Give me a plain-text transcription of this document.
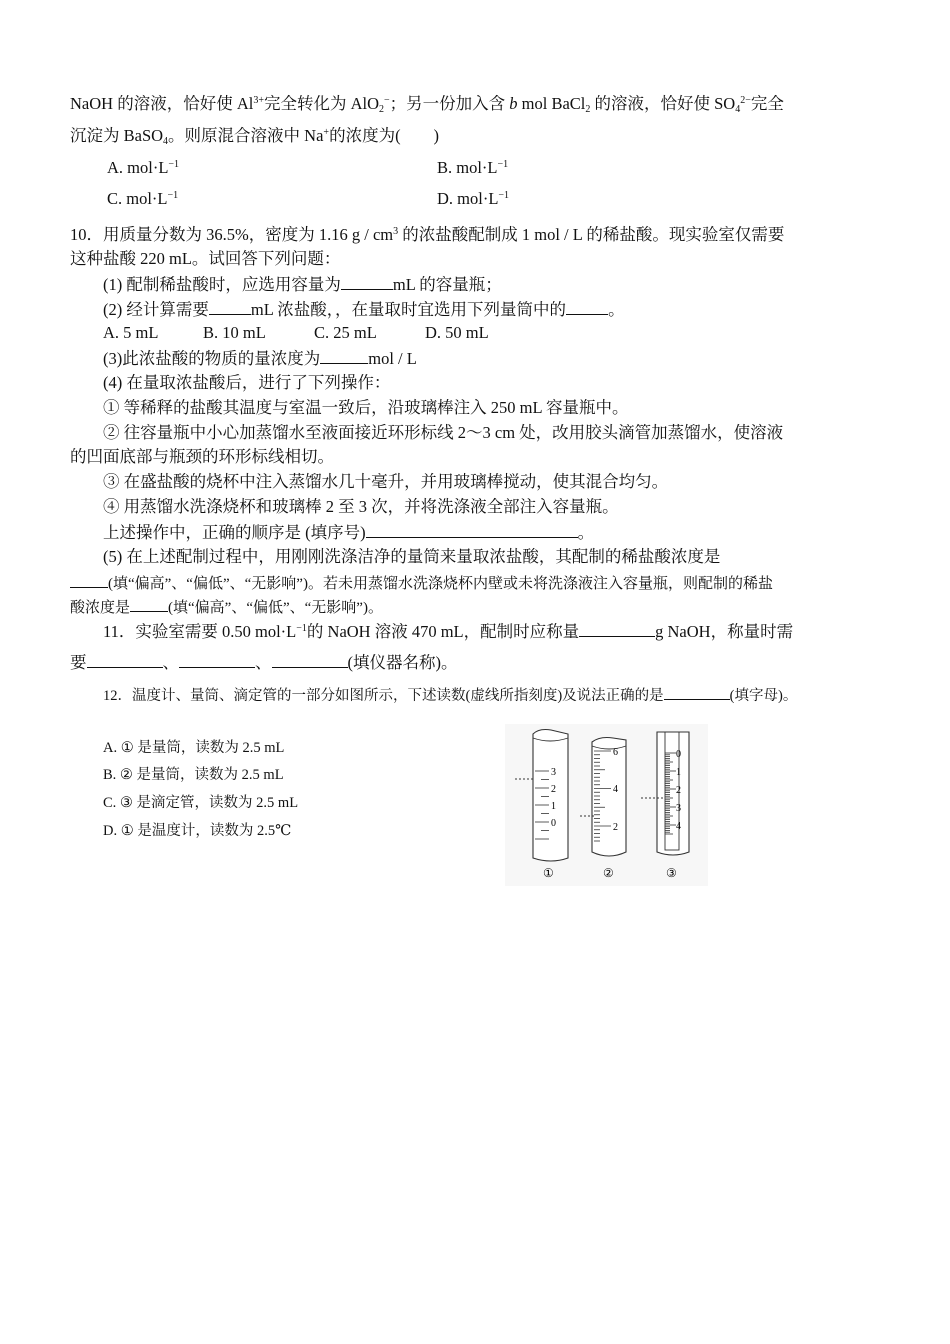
NaOH 的溶液，恰好使 $Al^{3+}$完全转化为 AlO$_2$−；另一份加入含 b mol BaCl$_2$ 的溶液，恰好使 $SO_4^{2-}$完全
沉淀为 BaSO$_4$。则原混合溶液中 Na+的浓度为(　　)
A. $mol\cdot L^{-1}$	B. $mol\cdot L^{-1}$
C. $mol\cdot L^{-1}$	D. $mol\cdot L^{-1}$
10．用质量分数为 36.5%，密度为 1.16 g / $cm^3$ 的浓盐酸配制成 1 mol / L 的稀盐酸。现实验室仅需要
这种盐酸 220 mL。试回答下列问题：
(1) 配制稀盐酸时，应选用容量为	mL 的容量瓶；
(2) 经计算需要	mL 浓盐酸，，在量取时宜选用下列量筒中的	。
A. 5 mL	B. 10 mL	C. 25 mL	D. 50 mL
(3)此浓盐酸的物质的量浓度为	mol / L
(4) 在量取浓盐酸后，进行了下列操作：
① 等稀释的盐酸其温度与室温一致后，沿玻璃棒注入 250 mL 容量瓶中。
② 往容量瓶中小心加蒸馏水至液面接近环形标线 2～3 cm 处，改用胶头滴管加蒸馏水，使溶液
的凹面底部与瓶颈的环形标线相切。
③ 在盛盐酸的烧杯中注入蒸馏水几十毫升，并用玻璃棒搅动，使其混合均匀。
④ 用蒸馏水洗涤烧杯和玻璃棒 2 至 3 次，并将洗涤液全部注入容量瓶。
上述操作中，正确的顺序是 (填序号)	。
(5) 在上述配制过程中，用刚刚洗涤洁净的量筒来量取浓盐酸，其配制的稀盐酸浓度是
(填“偏高”、“偏低”、“无影响”)。若未用蒸馏水洗涤烧杯内壁或未将洗涤液注入容量瓶，则配制的稀盐
酸浓度是	(填“偏高”、“偏低”、“无影响”)。
11．实验室需要 0.50 $mol\cdot L^{-1}$的 NaOH 溶液 470 mL，配制时应称量	g NaOH，称量时需
要	、	、	(填仪器名称)。
12．温度计、量筒、滴定管的一部分如图所示，下述读数(虚线所指刻度)及说法正确的是	(填字母)。
A. ① 是量筒，读数为 2.5 mL
B. ② 是量筒，读数为 2.5 mL
C. ③ 是滴定管，读数为 2.5 mL
D. ① 是温度计，读数为 2.5℃
3
2
1
0
6
4
2
0
1
2
3
4
①	②	③
